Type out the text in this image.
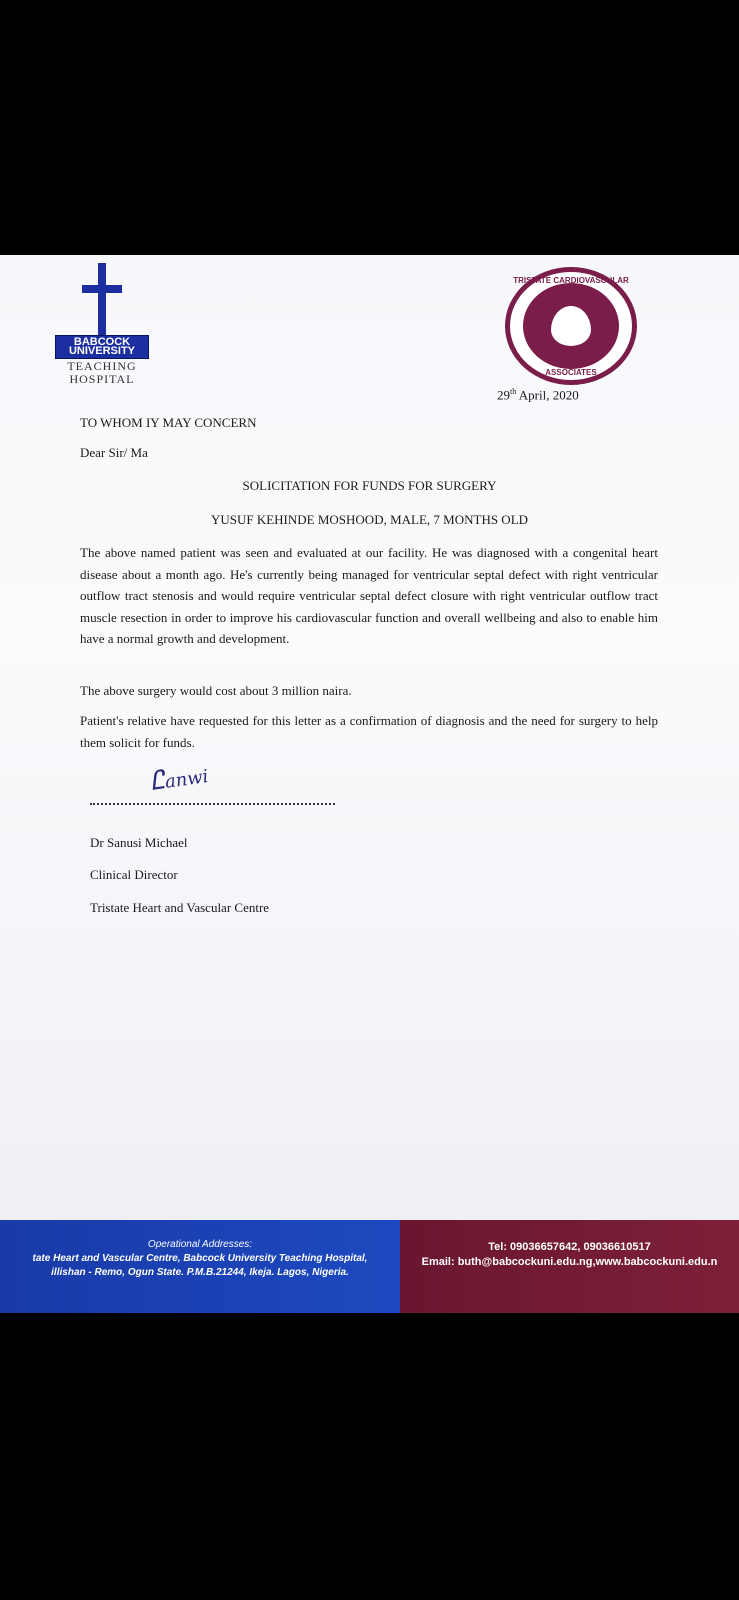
BABCOCK UNIVERSITY
TEACHING
HOSPITAL
TRISTATE CARDIOVASCULAR
ASSOCIATES
29th April, 2020
TO WHOM IY MAY CONCERN
Dear Sir/ Ma
SOLICITATION FOR FUNDS FOR SURGERY
YUSUF KEHINDE MOSHOOD, MALE, 7 MONTHS OLD
The above named patient was seen and evaluated at our facility. He was diagnosed with a congenital heart disease about a month ago. He's currently being managed for ventricular septal defect with right ventricular outflow tract stenosis and would require ventricular septal defect closure with right ventricular outflow tract muscle resection in order to improve his cardiovascular function and overall wellbeing and also to enable him have a normal growth and development.
The above surgery would cost about 3 million naira.
Patient's relative have requested for this letter as a confirmation of diagnosis and the need for surgery to help them solicit for funds.
⁠Ꮭanwi
Dr Sanusi Michael
Clinical Director
Tristate Heart and Vascular Centre
Operational Addresses:
tate Heart and Vascular Centre, Babcock University Teaching Hospital,
illishan - Remo, Ogun State. P.M.B.21244, Ikeja. Lagos, Nigeria.
Tel: 09036657642, 09036610517
Email: buth@babcockuni.edu.ng,www.babcockuni.edu.n
